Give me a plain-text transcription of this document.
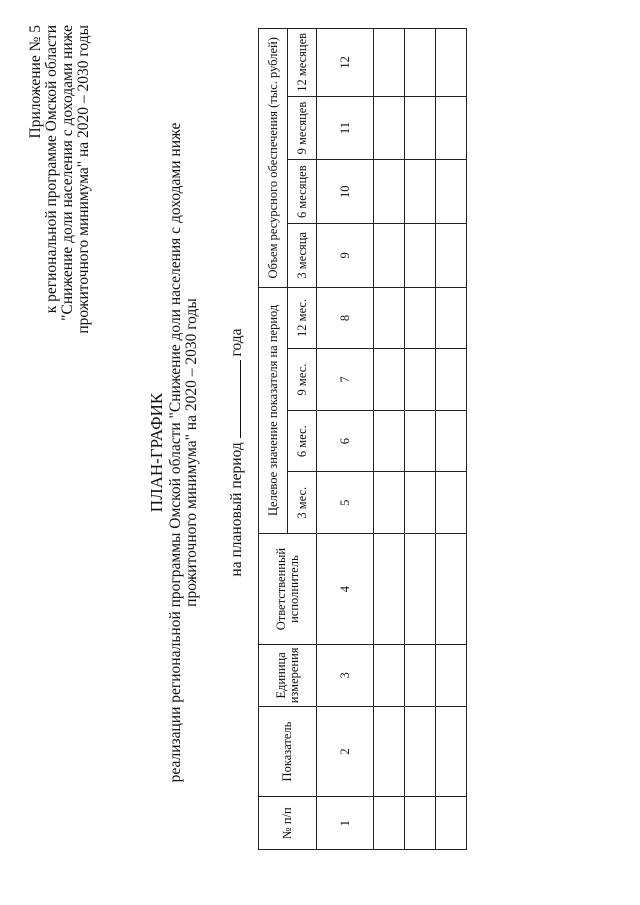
Приложение № 5 к региональной программе Омской области "Снижение доли населения с доходами ниже прожиточного минимума" на 2020 – 2030 годы
ПЛАН-ГРАФИК реализации региональной программы Омской области "Снижение доли населения с доходами ниже прожиточного минимума" на 2020 – 2030 годы на плановый период  года
№ п/п	Показатель	Единица измерения	Ответственный исполнитель	Целевое значение показателя на период				Объем ресурсного обеспечения (тыс. рублей)			
				3 мес.	6 мес.	9 мес.	12 мес.	3 месяца	6 месяцев	9 месяцев	12 месяцев
1	2	3	4	5	6	7	8	9	10	11	12
